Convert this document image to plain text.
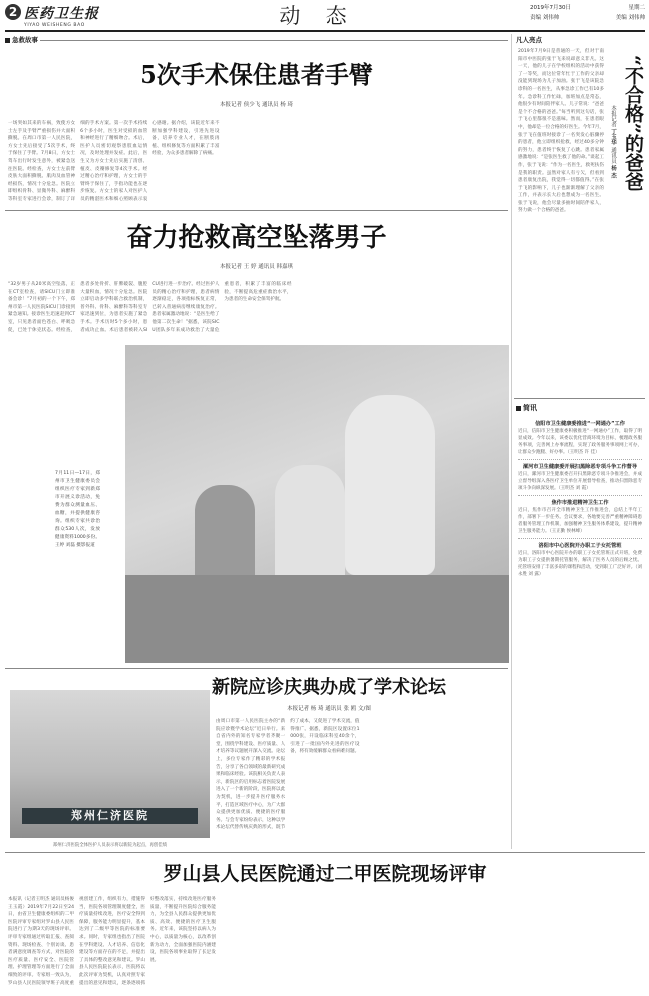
2 医药卫生报
YIYAO WEISHENG BAO	动  态	2019年7月30日	星期二
责编 刘伟帅	美编 刘伟帅
急救故事
5次手术保住患者手臂
本报记者 侯少飞 通讯员 杨 琦
一场突如其来的车祸，致使方女士左手及手臂严重损伤并大面积撕脱。在周口市第一人民医院，方女士先后接受了5次手术，终于保住了手臂。7月8日，方女士驾车出行时发生意外，被紧急送往医院。经检查，方女士左前臂皮肤大面积撕脱、肌肉及血管神经损伤，情况十分危急。医院立即组织骨科、显微外科、麻醉科等科室专家进行会诊，制订了详细的手术方案。第一次手术持续6个多小时，医生对受损的血管和神经进行了精细吻合。术后，医护人员密切观察患肢血运情况，及时处理并发症。此后，医生又为方女士先后实施了清创、植皮、皮瓣修复等4次手术。经过精心治疗和护理，方女士的手臂终于保住了，手指功能也在逐步恢复。方女士的家人对医护人员的精湛医术和细心照顾表示衷心感谢。据介绍，该院近年来不断加强学科建设，引进先进设备，培养专业人才，在断肢再植、组织修复等方面积累了丰富经验，为众多患者解除了病痛。
奋力抢救高空坠落男子
本报记者 王 婷 通讯员 韩嘉琪
“32岁男子从20米高空坠落，正在CT室检查，请SICU门立即准备会诊！”7月初的一个下午，郑州市第一人民医院SICU门诊接到紧急通知。接诊医生迅速赶到CT室，只见患者面色苍白、呼吸急促，已处于休克状态。经检查，患者多处骨折、肝脾破裂、腹腔大量积血，情况十分危急。医院立即启动多学科联合救治机制，普外科、骨科、麻醉科等科室专家迅速到位，为患者实施了紧急手术。手术历时5个多小时，患者成功止血。术后患者被转入SICU进行进一步治疗。经过医护人员的精心治疗和护理，患者病情逐渐稳定，各项指标恢复正常，已转入普通病房继续康复治疗。患者家属激动地说：“是医生给了他第二次生命！”据悉，该院SICU团队多年来成功救治了大量危重患者，积累了丰富的临床经验，不断提高危重症救治水平，为患者的生命安全保驾护航。
7月11日—17日，郑州市卫生健康委员会组织医疗专家到新郑市开展义诊活动，免费为群众测量血压、血糖，并提供健康咨询。组织专家共诊治群众530人次，发放健康资料1000多份。王婷 刘磊 摄影报道
新院应诊庆典办成了学术论坛
本报记者 杨 琦 通讯员 张 鸥 文/图
郑州仁济医院
郑州仁济医院全体医护人员表示将以新院为起点，再创佳绩
由周口市第一人民医院主办的“新院应诊暨学术论坛”近日举行。来自省内外的知名专家学者齐聚一堂，围绕学科建设、医疗质量、人才培养等议题展开深入交流。论坛上，多位专家作了精彩的学术报告，分享了各自领域的最新研究成果和临床经验。该院相关负责人表示，新院区的启用标志着医院发展进入了一个新的阶段，医院将以此为契机，进一步提升医疗服务水平，打造区域医疗中心，为广大群众提供更加优质、便捷的医疗服务。与会专家纷纷表示，这种以学术论坛代替传统庆典的形式，既节约了成本，又促进了学术交流，值得推广。据悉，新院区设置床位1000张，开设临床科室40余个，引进了一批国内外先进的医疗设备，将有效缓解群众看病难问题。
罗山县人民医院通过二甲医院现场评审
本报讯（记者王明杰 通讯员杨俊 王玉霞）2019年7月22日至24日，由省卫生健康委组织的二甲医院评审专家组对罗山县人民医院进行了为期3天的现场评审。评审专家组通过听取汇报、查阅资料、现场检查、个别访谈、患者满意度调查等方式，对医院的医疗质量、医疗安全、医院管理、护理管理等方面进行了全面细致的评审。专家组一致认为，罗山县人民医院领导班子高度重视创建工作，组织有力，措施得当，医院各项管理制度健全，医疗质量持续改进，医疗安全得到保障，服务能力明显提升，基本达到了二级甲等医院的标准要求。同时，专家组也指出了医院在学科建设、人才培养、信息化建设等方面存在的不足，并提出了具体的整改意见和建议。罗山县人民医院院长表示，医院将以此次评审为契机，认真对照专家提出的意见和建议，逐条逐项抓好整改落实，持续改进医疗服务质量，不断提升医院综合服务能力，为全县人民群众提供更加优质、高效、便捷的医疗卫生服务。近年来，该院坚持以病人为中心，以质量为核心，以改革创新为动力，全面加强医院内涵建设，医院各项事业取得了长足发展。
凡人亮点
“不合格”的爸爸
本报记者 丁玉华 通讯员 杨 杰
2019年7月9日是普通的一天，但对于南阳市中医院的张于飞来说却意义非凡。这一天，他的儿子在学校组织的活动中获得了一等奖，而这位常年忙于工作的父亲却没能到现场为儿子加油。张于飞是该院急诊科的一名医生，从事急诊工作已有10多年。急诊科工作忙碌，加班加点是常态，他很少有时间陪伴家人。儿子常说：“爸爸是个不合格的爸爸。”每当听到这句话，张于飞心里都很不是滋味。然而，在患者眼中，他却是一位合格的好医生。今年7月，张于飞在值班时接诊了一名突发心脏骤停的患者，他立即组织抢救，经过40多分钟的努力，患者终于恢复了心跳。患者家属感激地说：“是张医生救了他的命。”谈起工作，张于飞说：“作为一名医生，救死扶伤是我的职责。虽然对家人有亏欠，但看到患者康复出院，我觉得一切都值得。”在张于飞的影响下，儿子也渐渐理解了父亲的工作，并表示长大后也想成为一名医生。张于飞说，他会尽量多抽时间陪伴家人，努力做一个合格的爸爸。
简讯
信阳市卫生健康委推进“一网通办”工作
近日，信阳市卫生健康委积极推进“一网通办”工作，取得了明显成效。今年以来，该委以优化营商环境为目标，梳理政务服务事项，完善网上办事流程，实现了政务服务事项网上可办，让群众少跑腿、好办事。（王明杰 许 佳）
漯河市卫生健康委开展扫黑除恶专项斗争工作督导
近日，漯河市卫生健康委召开扫黑除恶专项斗争推进会，并成立督导组深入各医疗卫生单位开展督导检查，推动扫黑除恶专项斗争向纵深发展。（王明杰 刘 霞）
焦作市推进精神卫生工作
近日，焦作市召开全市精神卫生工作推进会，总结上半年工作，部署下一步任务。会议要求，各地要完善严重精神障碍患者服务管理工作机制，加强精神卫生服务体系建设，提升精神卫生服务能力。（王正勤 侯林峰）
洛阳市中心医院开办职工子女托管班
近日，洛阳市中心医院开办的职工子女托管班正式开班，免费为职工子女提供暑期托管服务，解决了医务人员的后顾之忧。托管班安排了丰富多彩的课程和活动，受到职工广泛好评。（刘永胜 刘 露）
